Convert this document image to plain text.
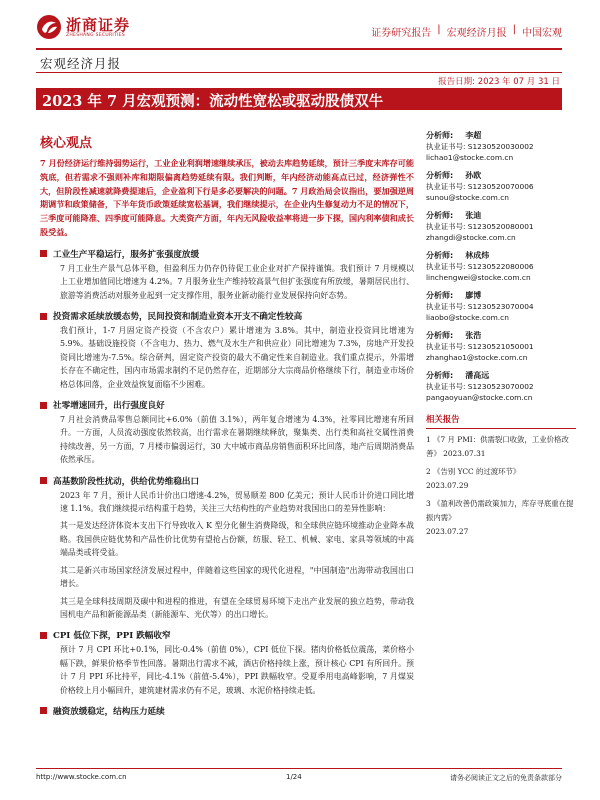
浙商证券
ZHESHANG SECURITIES	证券研究报告 | 宏观经济月报 | 中国宏观
宏观经济月报
报告日期: 2023 年 07 月 31 日
2023 年 7 月宏观预测：流动性宽松或驱动股债双牛
核心观点

7 月份经济运行维持弱势运行，工业企业利润增速继续承压，被动去库趋势延续，预计三季度末库存可能筑底，但若需求不强则补库和期限偏离趋势延续有限。我们判断，年内经济动能高点已过，经济弹性不大，但阶段性减速就降费提速后，企业盈利下行是多必要解决的问题。7 月政治局会议指出，要加强逆周期调节和政策储备，下半年货币政策延续宽松基调，我们继续提示，在企业内生修复动力不足的情况下，三季度可能降准、四季度可能降息。大类资产方面，年内无风险收益率将进一步下探，国内利率债和成长股受益。

工业生产平稳运行，服务扩张强度放缓

7 月工业生产景气总体平稳，但盈利压力仍存仍待促工业企业对扩产保持谨慎。我们预计 7 月规模以上工业增加值同比增速为 4.2%。7 月服务业生产维持较高景气但扩张强度有所放缓，暑期居民出行、旅游等消费活动对服务业起到一定支撑作用，服务业新动能行业发展保持向好态势。

投资需求延续放缓态势，民间投资和制造业资本开支不确定性较高

我们预计，1-7 月固定资产投资（不含农户）累计增速为 3.8%。其中，制造业投资同比增速为 5.9%。基础设施投资（不含电力、热力、燃气及水生产和供应业）同比增速为 7.3%，房地产开发投资同比增速为-7.5%。综合研判，固定资产投资的最大不确定性来自制造业。我们重点提示，外需增长存在不确定性，国内市场需求制约不足仍然存在，近期部分大宗商品价格继续下行，制造业市场价格总体回落，企业效益恢复面临不少困难。

社零增速回升，出行强度良好

7 月社会消费品零售总额同比+6.0%（前值 3.1%），两年复合增速为 4.3%，社零同比增速有所回升。一方面，人员流动强度依然较高，出行需求在暑期继续释放，聚集类、出行类和高社交属性消费持续改善，另一方面，7 月楼市偏弱运行，30 大中城市商品房销售面积环比回落，地产后周期消费品依然承压。

高基数阶段性扰动，供给优势维稳出口

2023 年 7 月，预计人民币计价出口增速-4.2%，贸易顺差 800 亿美元；预计人民币计价进口同比增速 1.1%。我们继续提示结构重于趋势，关注三大结构性的产业趋势对我国出口的差异性影响：

其一是发达经济体资本支出下行导致收入 K 型分化催生消费降级，和全球供应链环境推动企业降本战略。我国供应链优势和产品性价比优势有望抢占份额，纺服、轻工、机械、家电、家具等领域的中高端品类或将受益。

其二是新兴市场国家经济发展过程中，伴随着这些国家的现代化进程，"中国制造"出海带动我国出口增长。

其三是全球科技周期及碳中和进程的推进，有望在全球贸易环境下走出产业发展的独立趋势，带动我国机电产品和新能源品类（新能源车、光伏等）的出口增长。

CPI 低位下探，PPI 跌幅收窄

预计 7 月 CPI 环比+0.1%，同比-0.4%（前值 0%），CPI 低位下探。猪肉价格低位震荡，菜价格小幅下跌，鲜果价格季节性回落。暑期出行需求不减，酒店价格持续上涨，预计核心 CPI 有所回升。预计 7 月 PPI 环比持平，同比-4.1%（前值-5.4%），PPI 跌幅收窄。受夏季用电高峰影响，7 月煤炭价格较上月小幅回升，建筑建材需求仍有不足，玻璃、水泥价格持续走低。

融资放缓稳定，结构压力延续
分析师: 李超
执业证书号: S1230520030002
lichao1@stocke.com.cn
分析师: 孙欧
执业证书号: S1230520070006
sunou@stocke.com.cn
分析师: 张迪
执业证书号: S1230520080001
zhangdi@stocke.com.cn
分析师: 林成炜
执业证书号: S1230522080006
linchengwei@stocke.com.cn
分析师: 廖博
执业证书号: S1230523070004
liaobo@stocke.com.cn
分析师: 张浩
执业证书号: S1230521050001
zhanghao1@stocke.com.cn
分析师: 潘高远
执业证书号: S1230523070002
pangaoyuan@stocke.com.cn
相关报告
1 《7 月 PMI：供需裂口收敛，工业价格改善》 2023.07.31
2 《告别 YCC 的过渡环节》
2023.07.29
3 《盈利改善仍需政策加力，库存寻底重在提振内需》
2023.07.27
http://www.stocke.com.cn	1/24	请务必阅读正文之后的免责条款部分
